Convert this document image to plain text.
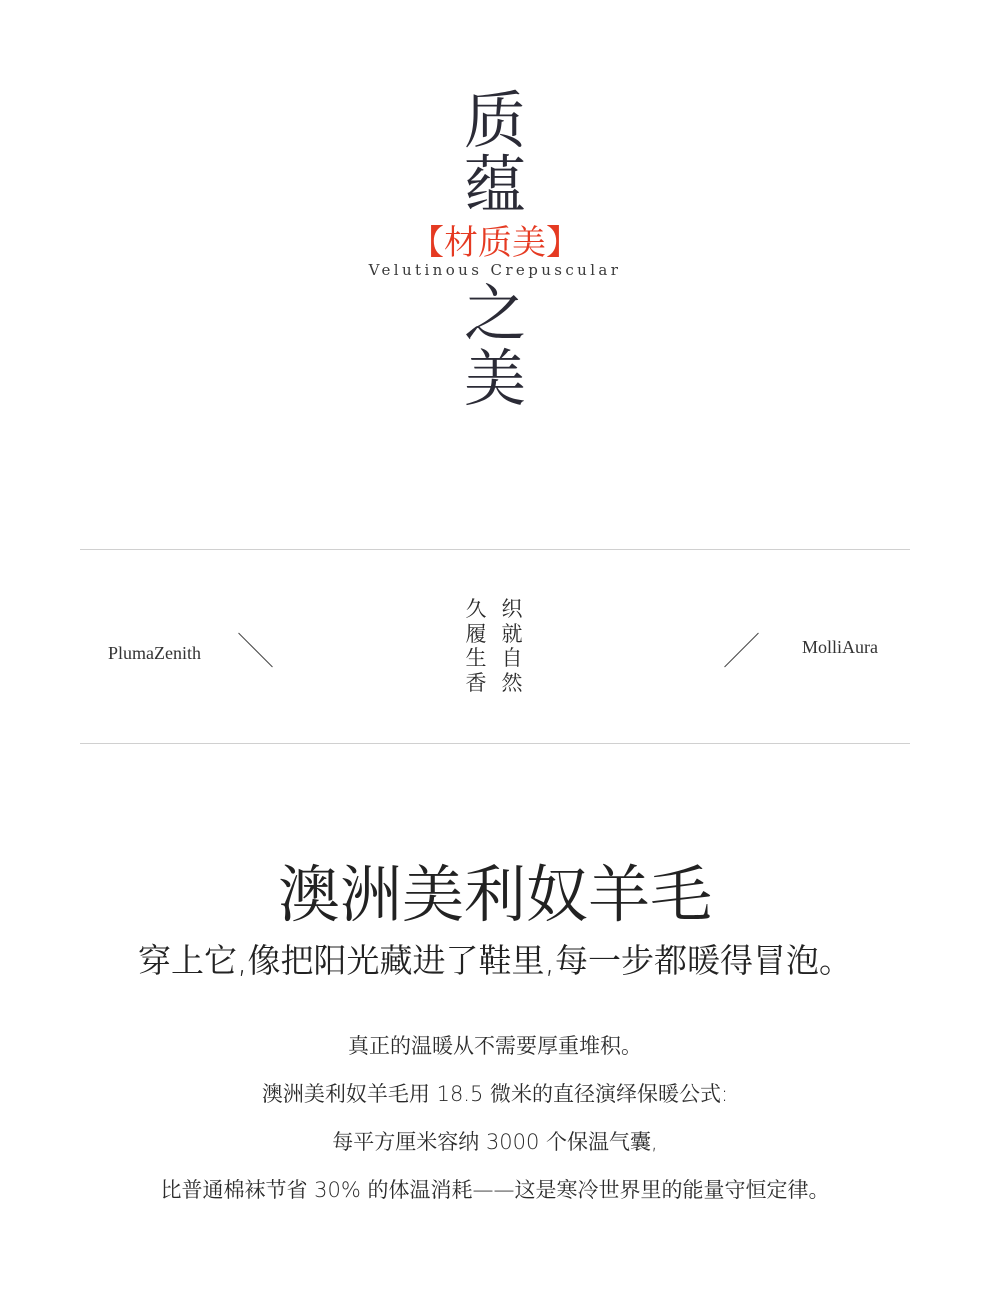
质
蕴
【材质美】
Velutinous Crepuscular
之
美
PlumaZenith
久履生香
织就自然
MolliAura
澳洲美利奴羊毛
穿上它,像把阳光藏进了鞋里,每一步都暖得冒泡。
真正的温暖从不需要厚重堆积。
澳洲美利奴羊毛用 18.5 微米的直径演绎保暖公式:
每平方厘米容纳 3000 个保温气囊,
比普通棉袜节省 30% 的体温消耗——这是寒冷世界里的能量守恒定律。
